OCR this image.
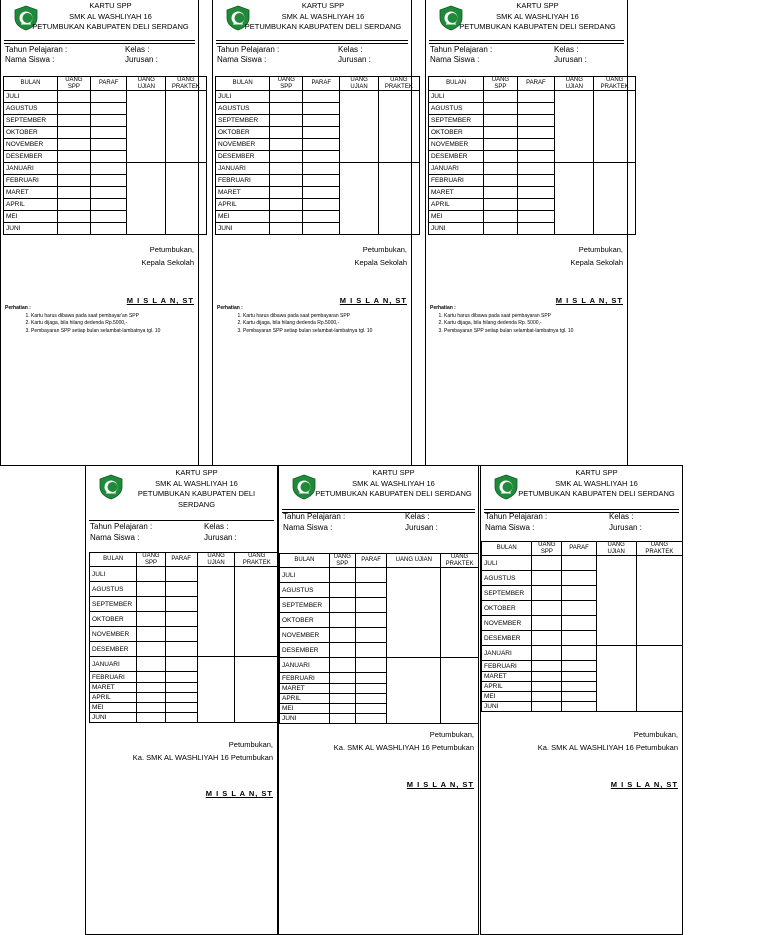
KARTU SPP
SMK AL WASHLIYAH 16
PETUMBUKAN KABUPATEN DELI SERDANG
Tahun Pelajaran :	Kelas :
Nama Siswa :	Jurusan :
BULAN	UANG SPP	PARAF	UANG UJIAN	UANG PRAKTEK
JULI				
AGUSTUS				
SEPTEMBER				
OKTOBER				
NOVEMBER				
DESEMBER				
JANUARI				
FEBRUARI				
MARET				
APRIL				
MEI				
JUNI				
Petumbukan,
Kepala Sekolah
M I S L A N, ST
Perhatian :
1. Kartu harus dibawa pada saat pembayar'an SPP
2. Kartu dijaga, bila hilang dedenda Rp.5000,-
3. Pembayaran SPP setiap bulan selambat-lambatnya tgl. 10
KARTU SPP
SMK AL WASHLIYAH 16
PETUMBUKAN KABUPATEN DELI SERDANG
Tahun Pelajaran :	Kelas :
Nama Siswa :	Jurusan :
BULAN	UANG SPP	PARAF	UANG UJIAN	UANG PRAKTEK
JULI				
AGUSTUS				
SEPTEMBER				
OKTOBER				
NOVEMBER				
DESEMBER				
JANUARI				
FEBRUARI				
MARET				
APRIL				
MEI				
JUNI				
Petumbukan,
Kepala Sekolah
M I S L A N, ST
Perhatian :
1. Kartu harus dibawa pada saat pembayaran SPP
2. Kartu dijaga, bila hilang dedenda Rp.5000,-
3. Pembayaran SPP setiap bulan selambat-lambatnya tgl. 10
KARTU SPP
SMK AL WASHLIYAH 16
PETUMBUKAN KABUPATEN DELI SERDANG
Tahun Pelajaran :	Kelas :
Nama Siswa :	Jurusan :
BULAN	UANG SPP	PARAF	UANG UJIAN	UANG PRAKTEK
JULI				
AGUSTUS				
SEPTEMBER				
OKTOBER				
NOVEMBER				
DESEMBER				
JANUARI				
FEBRUARI				
MARET				
APRIL				
MEI				
JUNI				
Petumbukan,
Kepala Sekolah
M I S L A N, ST
Perhatian :
1. Kartu harus dibawa pada saat pembayaran SPP
2. Kartu dijaga, bila hilang dedenda Rp. 5000,-
3. Pembayaran SPP setiap bulan selambat-lambatnya tgl. 10
KARTU SPP
SMK AL WASHLIYAH 16
PETUMBUKAN KABUPATEN DELI
SERDANG
Tahun Pelajaran :	Kelas :
Nama Siswa :	Jurusan :
BULAN	UANG SPP	PARAF	UANG UJIAN	UANG PRAKTEK
JULI				
AGUSTUS				
SEPTEMBER				
OKTOBER				
NOVEMBER				
DESEMBER				
JANUARI				
FEBRUARI				
MARET				
APRIL				
MEI				
JUNI				
Petumbukan,
Ka. SMK AL WASHLIYAH 16 Petumbukan
M I S L A N, ST
KARTU SPP
SMK AL WASHLIYAH 16
PETUMBUKAN KABUPATEN DELI SERDANG
Tahun Pelajaran :	Kelas :
Nama Siswa :	Jurusan :
BULAN	UANG SPP	PARAF	UANG UJIAN	UANG PRAKTEK
JULI				
AGUSTUS				
SEPTEMBER				
OKTOBER				
NOVEMBER				
DESEMBER				
JANUARI				
FEBRUARI				
MARET				
APRIL				
MEI				
JUNI				
Petumbukan,
Ka. SMK AL WASHLIYAH 16 Petumbukan
M I S L A N, ST
KARTU SPP
SMK AL WASHLIYAH 16
PETUMBUKAN KABUPATEN DELI SERDANG
Tahun Pelajaran :	Kelas :
Nama Siswa :	Jurusan :
BULAN	UANG SPP	PARAF	UANG UJIAN	UANG PRAKTEK
JULI				
AGUSTUS				
SEPTEMBER				
OKTOBER				
NOVEMBER				
DESEMBER				
JANUARI				
FEBRUARI				
MARET				
APRIL				
MEI				
JUNI				
Petumbukan,
Ka. SMK AL WASHLIYAH 16 Petumbukan
M I S L A N, ST
